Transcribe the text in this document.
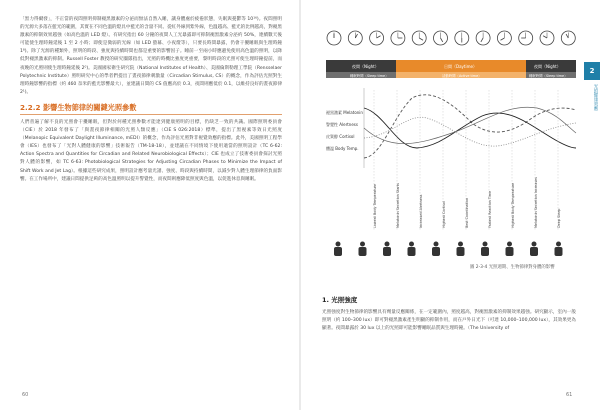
「黑力得爾發」，不正當的夜間照明抑制褪黑激素的分泌而無法自然入睡，讓身體處於疲倦狀態，失眠與憂鬱等 10¹⁶)。夜間照明的光源大多落在藍光的範圍，其實在不同色溫的燈具中藍光的含量不同。從紅外線到紫外線，色溫越高、藍光的比例越高，對褪黑激素的抑制效果越強（如高色溫的 LED 燈）。有研究指出 60 分鐘的夜間人工光暴露即可抑制褪黑激素分泌約 50%，連續數天後可能使生理時鐘延後 1 至 2 小時；即使是微弱的光線（如 LED 螢幕、小夜燈等），只要長時間暴露，仍會干擾睡眠與生理時鐘 1⁸)。除了光源的種類外，照明的時段、強度與持續時間也都是重要的影響因子。睡前一至兩小時應避免使用高色溫的照明，以降低對褪黑激素的抑制。Russell Foster 教授的研究團隊指出，光照的時機比強度更重要，黎明時段的光照可使生理時鐘提前，而夜晚的光照則使生理時鐘延後 2⁰)。美國國家衛生研究院（National Institutes of Health）、美國倫斯勒理工學院（Rensselaer Polytechnic Institute）照明研究中心的學者們提出了晝夜節律刺激量（Circadian Stimulus, CS）的概念，作為評估光照對生理時鐘影響的指標（約 460 奈米的藍光影響最大），並建議日間的 CS 值應高於 0.3，夜間則應低於 0.1，以維持良好的晝夜節律 2¹)。

2.2.2 影響生物節律的關鍵光照參數

人們普遍了解不良的光照會干擾睡眠，但對於何種光照參數才能達到健康照明的目標，仍缺乏一致的共識。國際照明委員會（CIE）於 2018 年發布了「與晝夜節律相關的光照人類反應」（CIE S 026:2018）標準，提出了黑視素等效日光照度（Melanopic Equivalent Daylight Illuminance, mEDI）的概念，作為評估光照對非視覺效應的指標。此外，美國照明工程學會（IES）也發布了「光對人體健康的影響」技術報告（TM-18-18），並建議在不同情境下使用適當的照明設計（TC 6-62: Action Spectra and Quantities for Circadian and Related Neurobiological Effects）；CIE 也成立了技術委員會探討光照對人體的影響，如 TC 6-63: Photobiological Strategies for Adjusting Circadian Phases to Minimize the Impact of Shift Work and Jet Lag）。根據這些研究成果，照明設計應考量光譜、強度、時段與持續時間，以減少對人體生理節律的負面影響。在工作場所中，建議日間提供足夠的高色溫照明以提升警覺性，而夜間則應降低照度與色溫，以促進休息與睡眠。

60
2
光的健康效應
夜間（Night）
睡眠時間（Sleep time）
日間（Daytime）
活動時間（Active time）
夜間（Night）
睡眠時間（Sleep time）
褪黑激素 Melatonin
警覺性 Alertness
皮質醇 Cortisol
體溫 Body Temp.
Lowest Body Temperature	Melatonin Secretion Starts	Increased Alertness	Highest Cortisol	Best Coordination	Fastest Reaction Time	Highest Body Temperature	Melatonin Secretion Increases	Deep Sleep
圖 2-3-4 光照週期、生物節律對身體的影響
1. 光照強度

光照強度對生物節律的影響具有劑量反應關係，在一定範圍內，照度越高，對褪黑激素的抑制效果越強。研究顯示，室內一般照明（約 100–300 lux）即可對褪黑激素產生明顯的抑制作用，而在戶外日光下（可達 10,000–100,000 lux），其效果更為顯著。夜間暴露於 30 lux 以上的光照即可能影響睡眠品質與生理時鐘。（The University of

61
